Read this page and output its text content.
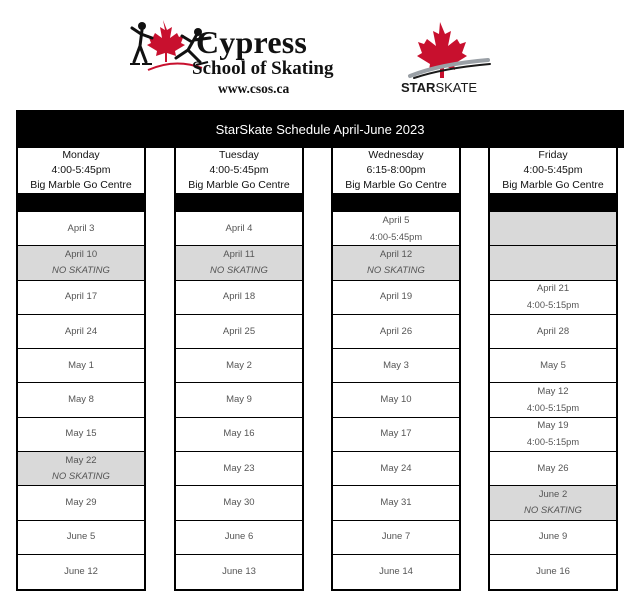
Cypress
School of Skating
www.csos.ca	STARSKATE
StarSkate Schedule April-June 2023
Monday
4:00-5:45pm
Big Marble Go Centre
April 3
April 10
NO SKATING
April 17
April 24
May 1
May 8
May 15
May 22
NO SKATING
May 29
June 5
June 12
Tuesday
4:00-5:45pm
Big Marble Go Centre
April 4
April 11
NO SKATING
April 18
April 25
May 2
May 9
May 16
May 23
May 30
June 6
June 13
Wednesday
6:15-8:00pm
Big Marble Go Centre
April 5
4:00-5:45pm
April 12
NO SKATING
April 19
April 26
May 3
May 10
May 17
May 24
May 31
June 7
June 14
Friday
4:00-5:45pm
Big Marble Go Centre
April 21
4:00-5:15pm
April 28
May 5
May 12
4:00-5:15pm
May 19
4:00-5:15pm
May 26
June 2
NO SKATING
June 9
June 16
